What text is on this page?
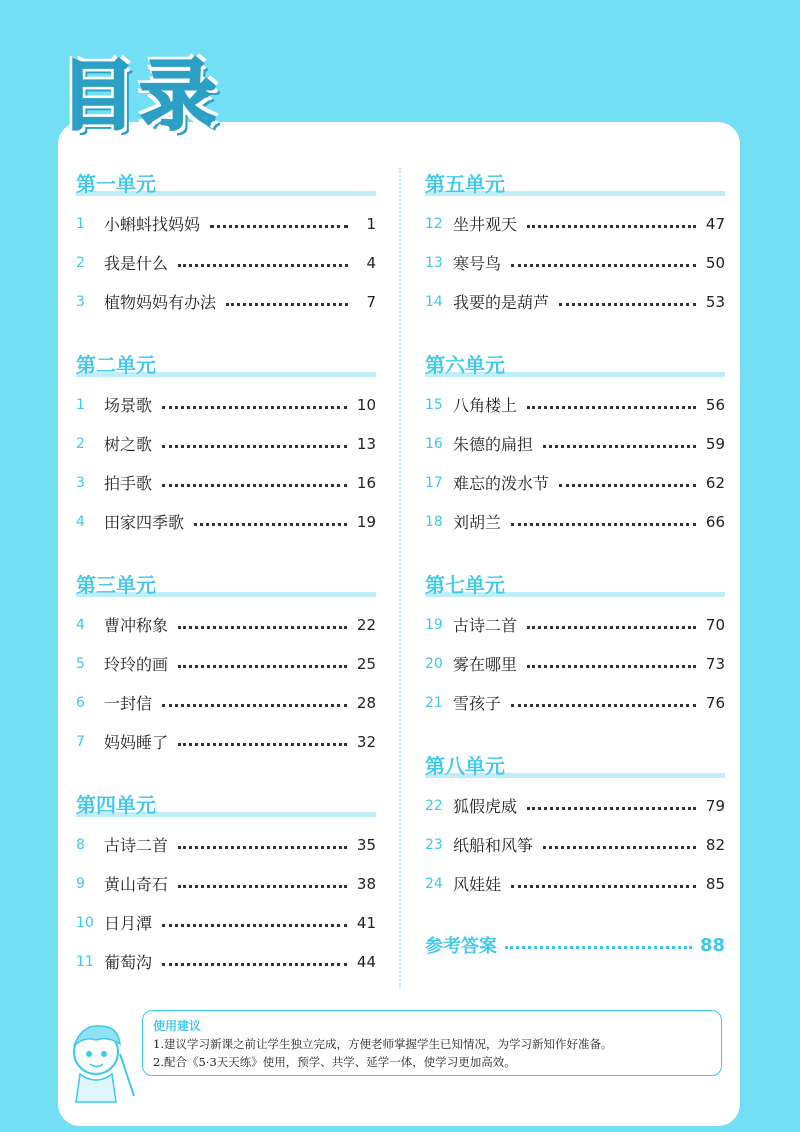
目录
第一单元
1	小蝌蚪找妈妈	1
2	我是什么	4
3	植物妈妈有办法	7
第二单元
1	场景歌	10
2	树之歌	13
3	拍手歌	16
4	田家四季歌	19
第三单元
4	曹冲称象	22
5	玲玲的画	25
6	一封信	28
7	妈妈睡了	32
第四单元
8	古诗二首	35
9	黄山奇石	38
10 日月潭	41
11 葡萄沟	44
第五单元
12 坐井观天	47
13 寒号鸟	50
14 我要的是葫芦	53
第六单元
15 八角楼上	56
16 朱德的扁担	59
17 难忘的泼水节	62
18 刘胡兰	66
第七单元
19 古诗二首	70
20 雾在哪里	73
21 雪孩子	76
第八单元
22 狐假虎威	79
23 纸船和风筝	82
24 风娃娃	85
参考答案	88
使用建议
1.建议学习新课之前让学生独立完成，方便老师掌握学生已知情况，为学习新知作好准备。
2.配合《5·3天天练》使用，预学、共学、延学一体，使学习更加高效。
